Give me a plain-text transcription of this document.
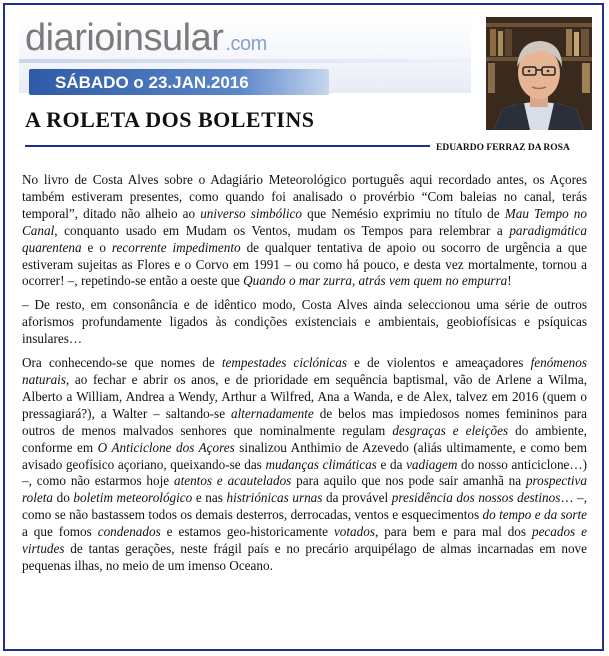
diarioinsular .com
SÁBADO o 23.JAN.2016
A ROLETA DOS BOLETINS
EDUARDO FERRAZ DA ROSA

No livro de Costa Alves sobre o Adagiário Meteorológico português aqui recordado antes, os Açores também estiveram presentes, como quando foi analisado o provérbio “Com baleias no canal, terás temporal”, ditado não alheio ao universo simbólico que Nemésio exprimiu no título de Mau Tempo no Canal, conquanto usado em Mudam os Ventos, mudam os Tempos para relembrar a paradigmática quarentena e o recorrente impedimento de qualquer tentativa de apoio ou socorro de urgência a que estiveram sujeitas as Flores e o Corvo em 1991 – ou como há pouco, e desta vez mortalmente, tornou a ocorrer! –, repetindo-se então a oeste que Quando o mar zurra, atrás vem quem no empurra!

– De resto, em consonância e de idêntico modo, Costa Alves ainda seleccionou uma série de outros aforismos profundamente ligados às condições existenciais e ambientais, geobiofísicas e psíquicas insulares…

Ora conhecendo-se que nomes de tempestades ciclónicas e de violentos e ameaçadores fenómenos naturais, ao fechar e abrir os anos, e de prioridade em sequência baptismal, vão de Arlene a Wilma, Alberto a William, Andrea a Wendy, Arthur a Wilfred, Ana a Wanda, e de Alex, talvez em 2016 (quem o pressagiará?), a Walter – saltando-se alternadamente de belos mas impiedosos nomes femininos para outros de menos malvados senhores que nominalmente regulam desgraças e eleições do ambiente, conforme em O Anticiclone dos Açores sinalizou Anthimio de Azevedo (aliás ultimamente, e como bem avisado geofísico açoriano, queixando-se das mudanças climáticas e da vadiagem do nosso anticiclone…) –, como não estarmos hoje atentos e acautelados para aquilo que nos pode sair amanhã na prospectiva roleta do boletim meteorológico e nas histriónicas urnas da provável presidência dos nossos destinos… –, como se não bastassem todos os demais desterros, derrocadas, ventos e esquecimentos do tempo e da sorte a que fomos condenados e estamos geo-historicamente votados, para bem e para mal dos pecados e virtudes de tantas gerações, neste frágil país e no precário arquipélago de almas incarnadas em nove pequenas ilhas, no meio de um imenso Oceano.
